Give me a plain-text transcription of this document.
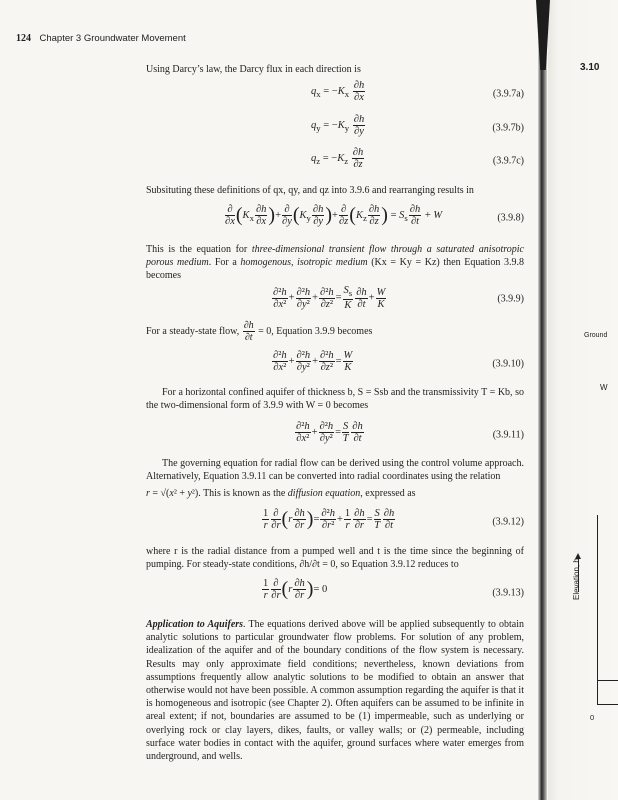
124 Chapter 3 Groundwater Movement
Using Darcy’s law, the Darcy flux in each direction is
$q_x = -K_x \frac{\partial h}{\partial x}$	(3.9.7a)
$q_y = -K_y \frac{\partial h}{\partial y}$	(3.9.7b)
$q_z = -K_z \frac{\partial h}{\partial z}$	(3.9.7c)
Subsituting these definitions of qx, qy, and qz into 3.9.6 and rearranging results in
$\frac{\partial}{\partial x} (K_x \frac{\partial h}{\partial x}$ )+ $\frac{\partial}{\partial y} (K_y \frac{\partial h}{\partial y}$ )+ $\frac{\partial}{\partial z} (K_z \frac{\partial h}{\partial z}$ ) = $S_s \frac{\partial h}{\partial t} + W$	(3.9.8)
This is the equation for three-dimensional transient flow through a saturated anisotropic porous medium. For a homogenous, isotropic medium (Kx = Ky = Kz) then Equation 3.9.8 becomes
$\frac{\text{∂²h}}{\text{∂x²}} + \frac{\text{∂²h}}{\text{∂y²}} + \frac{\text{∂²h}}{\text{∂z²}} = \frac{S_s}{K} \frac{\partial h}{\partial t} + \frac{W}{K}$	(3.9.9)
For a steady-state flow, $\frac{\partial h}{\partial t} = 0$, Equation 3.9.9 becomes
$\frac{\text{∂²h}}{\text{∂x²}} + \frac{\text{∂²h}}{\text{∂y²}} + \frac{\text{∂²h}}{\text{∂z²}} = \frac{W}{K}$	(3.9.10)
For a horizontal confined aquifer of thickness b, S = Ssb and the transmissivity T = Kb, so the two-dimensional form of 3.9.9 with W = 0 becomes
$\frac{\text{∂²h}}{\text{∂x²}} + \frac{\text{∂²h}}{\text{∂y²}} = \frac{S}{T} \frac{\partial h}{\partial t}$	(3.9.11)
The governing equation for radial flow can be derived using the control volume approach. Alternatively, Equation 3.9.11 can be converted into radial coordinates using the relation
r = √(x² + y²). This is known as the diffusion equation, expressed as
$\frac{1}{r} \frac{\partial}{\partial r} (r \frac{\partial h}{\partial r}$ )= $\frac{\text{∂²h}}{\text{∂r²}} + \frac{1}{r} \frac{\partial h}{\partial r} = \frac{S}{T} \frac{\partial h}{\partial t}$	(3.9.12)
where r is the radial distance from a pumped well and t is the time since the beginning of pumping. For steady-state conditions, ∂h/∂t = 0, so Equation 3.9.12 reduces to
$\frac{1}{r} \frac{\partial}{\partial r} (r \frac{\partial h}{\partial r}$ )= 0	(3.9.13)
Application to Aquifers. The equations derived above will be applied subsequently to obtain analytic solutions to particular groundwater flow problems. For solution of any problem, idealization of the aquifer and of the boundary conditions of the flow system is necessary. Results may only approximate field conditions; nevertheless, known deviations from assumptions frequently allow analytic solutions to be modified to obtain an answer that otherwise would not have been possible. A common assumption regarding the aquifer is that it is homogeneous and isotropic (see Chapter 2). Often aquifers can be assumed to be infinite in areal extent; if not, boundaries are assumed to be (1) impermeable, such as underlying or overlying rock or clay layers, dikes, faults, or valley walls; or (2) permeable, including surface water bodies in contact with the aquifer, ground surfaces where water emerges from underground, and wells.
3.10
Ground
W
Elevation, h
0
